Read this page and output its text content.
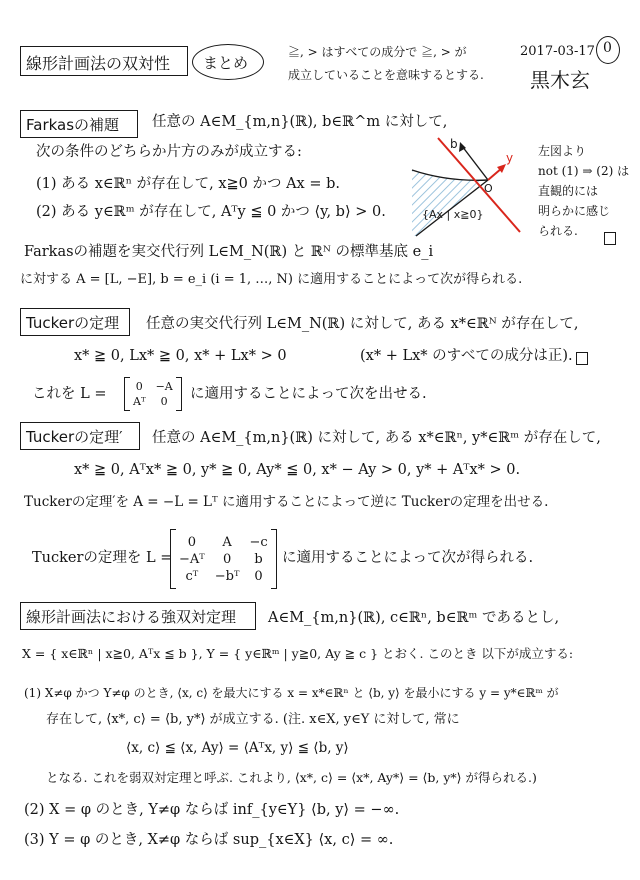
線形計画法の双対性 まとめ
≧, > はすべての成分で ≧, > が
成立していることを意味するとする.
2017-03-17 0
黒木玄
Farkasの補題 任意の A∈M_{m,n}(ℝ), b∈ℝ^m に対して,
次の条件のどちらか片方のみが成立する:
(1) ある x∈ℝⁿ が存在して, x≧0 かつ Ax = b.
(2) ある y∈ℝᵐ が存在して, Aᵀy ≦ 0 かつ ⟨y, b⟩ > 0.
b
y
O
{Ax | x≧0}
左図より
not (1) ⇒ (2) は
直観的には
明らかに感じ
られる.
Farkasの補題を実交代行列 L∈M_N(ℝ) と ℝᴺ の標準基底 e_i
に対する A = [L, −E], b = e_i (i = 1, …, N) に適用することによって次が得られる.
Tuckerの定理 任意の実交代行列 L∈M_N(ℝ) に対して, ある x*∈ℝᴺ が存在して,
x* ≧ 0, Lx* ≧ 0, x* + Lx* > 0	(x* + Lx* のすべての成分は正).
これを L =	0 −A
Aᵀ	0	に適用することによって次を出せる.
Tuckerの定理′ 任意の A∈M_{m,n}(ℝ) に対して, ある x*∈ℝⁿ, y*∈ℝᵐ が存在して,
x* ≧ 0, Aᵀx* ≧ 0, y* ≧ 0, Ay* ≦ 0, x* − Ay > 0, y* + Aᵀx* > 0.
Tuckerの定理′を A = −L = Lᵀ に適用することによって逆に Tuckerの定理を出せる.
Tuckerの定理を L =
0	A	−c
−Aᵀ	0	b
cᵀ	−bᵀ	0
に適用することによって次が得られる.
線形計画法における強双対定理 A∈M_{m,n}(ℝ), c∈ℝⁿ, b∈ℝᵐ であるとし,
X = { x∈ℝⁿ | x≧0, Aᵀx ≦ b }, Y = { y∈ℝᵐ | y≧0, Ay ≧ c } とおく. このとき 以下が成立する:
(1) X≠φ かつ Y≠φ のとき, ⟨x, c⟩ を最大にする x = x*∈ℝⁿ と ⟨b, y⟩ を最小にする y = y*∈ℝᵐ が
存在して, ⟨x*, c⟩ = ⟨b, y*⟩ が成立する. (注. x∈X, y∈Y に対して, 常に
⟨x, c⟩ ≦ ⟨x, Ay⟩ = ⟨Aᵀx, y⟩ ≦ ⟨b, y⟩
となる. これを弱双対定理と呼ぶ. これより, ⟨x*, c⟩ = ⟨x*, Ay*⟩ = ⟨b, y*⟩ が得られる.)
(2) X = φ のとき, Y≠φ ならば inf_{y∈Y} ⟨b, y⟩ = −∞.
(3) Y = φ のとき, X≠φ ならば sup_{x∈X} ⟨x, c⟩ = ∞.
